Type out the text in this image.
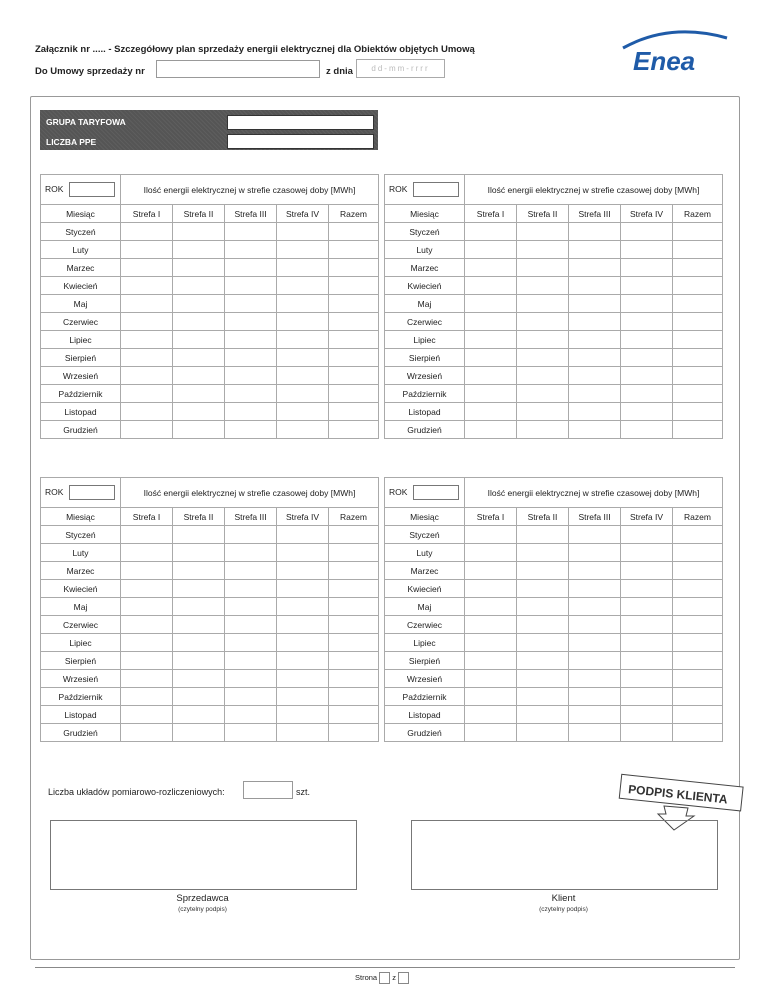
Załącznik nr ..... - Szczegółowy plan sprzedaży energii elektrycznej dla Obiektów objętych Umową	Enea
Do Umowy sprzedaży nr	z dnia	dd-mm-rrrr
GRUPA TARYFOWA
LICZBA PPE
ROK	Ilość energii elektrycznej w strefie czasowej doby [MWh]				
Miesiąc	Strefa I	Strefa II	Strefa III	Strefa IV	Razem
Styczeń					
Luty					
Marzec					
Kwiecień					
Maj					
Czerwiec					
Lipiec					
Sierpień					
Wrzesień					
Październik					
Listopad					
Grudzień					
ROK	Ilość energii elektrycznej w strefie czasowej doby [MWh]				
Miesiąc	Strefa I	Strefa II	Strefa III	Strefa IV	Razem
Styczeń					
Luty					
Marzec					
Kwiecień					
Maj					
Czerwiec					
Lipiec					
Sierpień					
Wrzesień					
Październik					
Listopad					
Grudzień					
ROK	Ilość energii elektrycznej w strefie czasowej doby [MWh]				
Miesiąc	Strefa I	Strefa II	Strefa III	Strefa IV	Razem
Styczeń					
Luty					
Marzec					
Kwiecień					
Maj					
Czerwiec					
Lipiec					
Sierpień					
Wrzesień					
Październik					
Listopad					
Grudzień					
ROK	Ilość energii elektrycznej w strefie czasowej doby [MWh]				
Miesiąc	Strefa I	Strefa II	Strefa III	Strefa IV	Razem
Styczeń					
Luty					
Marzec					
Kwiecień					
Maj					
Czerwiec					
Lipiec					
Sierpień					
Wrzesień					
Październik					
Listopad					
Grudzień					
Liczba układów pomiarowo-rozliczeniowych:	szt.	PODPIS KLIENTA
Sprzedawca
(czytelny podpis)
Klient
(czytelny podpis)
Strona z
